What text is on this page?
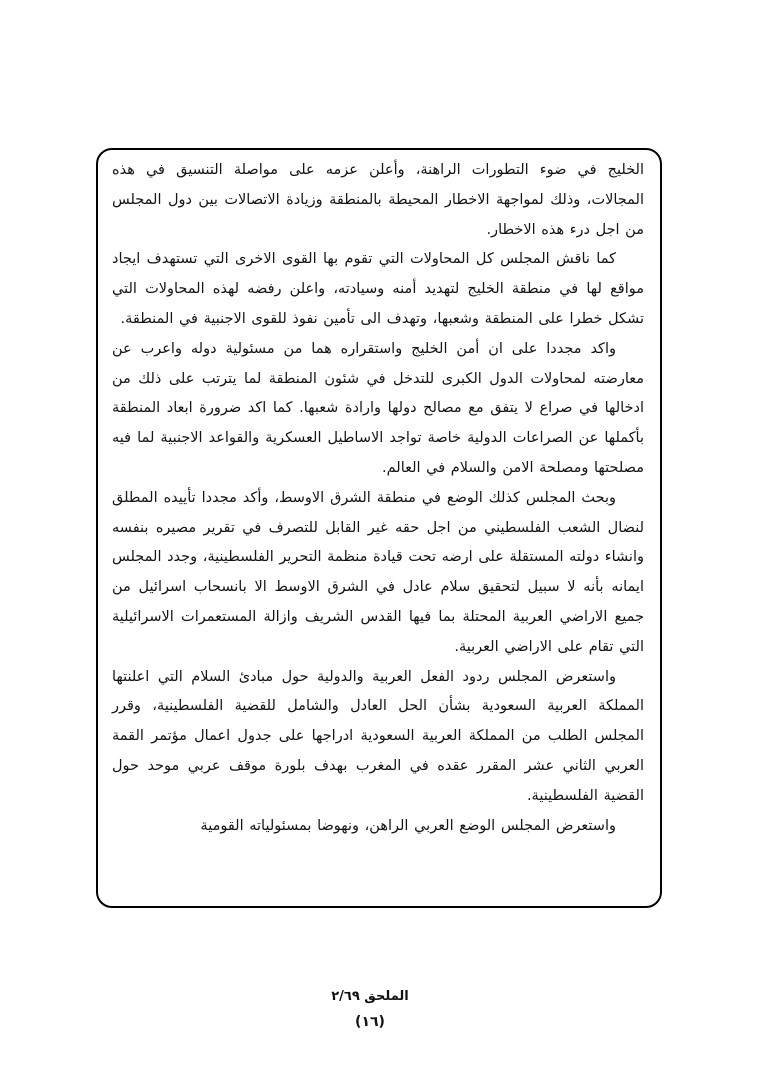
الخليج في ضوء التطورات الراهنة، وأعلن عزمه على مواصلة التنسيق في هذه المجالات، وذلك لمواجهة الاخطار المحيطة بالمنطقة وزيادة الاتصالات بين دول المجلس من اجل درء هذه الاخطار.

كما ناقش المجلس كل المحاولات التي تقوم بها القوى الاخرى التي تستهدف ايجاد مواقع لها في منطقة الخليج لتهديد أمنه وسيادته، واعلن رفضه لهذه المحاولات التي تشكل خطرا على المنطقة وشعبها، وتهدف الى تأمين نفوذ للقوى الاجنبية في المنطقة.

واكد مجددا على ان أمن الخليج واستقراره هما من مسئولية دوله واعرب عن معارضته لمحاولات الدول الكبرى للتدخل في شئون المنطقة لما يترتب على ذلك من ادخالها في صراع لا يتفق مع مصالح دولها وارادة شعبها. كما اكد ضرورة ابعاد المنطقة بأكملها عن الصراعات الدولية خاصة تواجد الاساطيل العسكرية والقواعد الاجنبية لما فيه مصلحتها ومصلحة الامن والسلام في العالم.

وبحث المجلس كذلك الوضع في منطقة الشرق الاوسط، وأكد مجددا تأييده المطلق لنضال الشعب الفلسطيني من اجل حقه غير القابل للتصرف في تقرير مصيره بنفسه وانشاء دولته المستقلة على ارضه تحت قيادة منظمة التحرير الفلسطينية، وجدد المجلس ايمانه بأنه لا سبيل لتحقيق سلام عادل في الشرق الاوسط الا بانسحاب اسرائيل من جميع الاراضي العربية المحتلة بما فيها القدس الشريف وازالة المستعمرات الاسرائيلية التي تقام على الاراضي العربية.

واستعرض المجلس ردود الفعل العربية والدولية حول مبادئ السلام التي اعلنتها المملكة العربية السعودية بشأن الحل العادل والشامل للقضية الفلسطينية، وقرر المجلس الطلب من المملكة العربية السعودية ادراجها على جدول اعمال مؤتمر القمة العربي الثاني عشر المقرر عقده في المغرب بهدف بلورة موقف عربي موحد حول القضية الفلسطينية.

واستعرض المجلس الوضع العربي الراهن، ونهوضا بمسئولياته القومية

الملحق ٢/٦٩
(١٦)
